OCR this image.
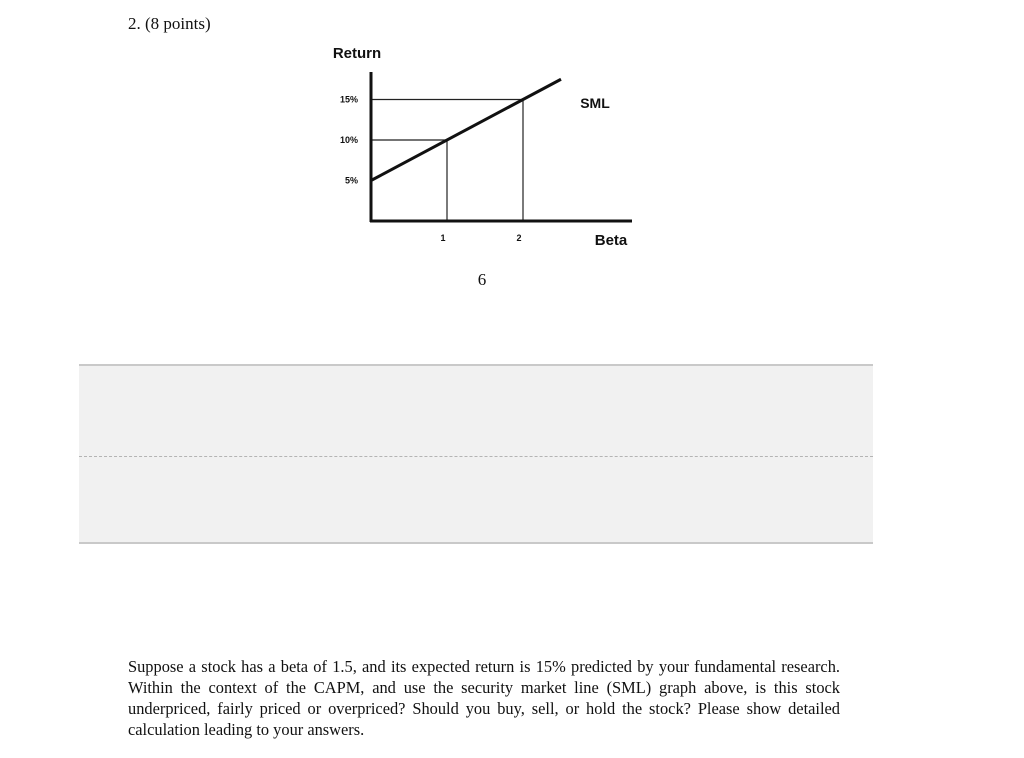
2. (8 points)
5%
10%
15%
1	2
Return
Beta
SML
6
Suppose a stock has a beta of 1.5, and its expected return is 15% predicted by your fundamental research. Within the context of the CAPM, and use the security market line (SML) graph above, is this stock underpriced, fairly priced or overpriced? Should you buy, sell, or hold the stock? Please show detailed calculation leading to your answers.
